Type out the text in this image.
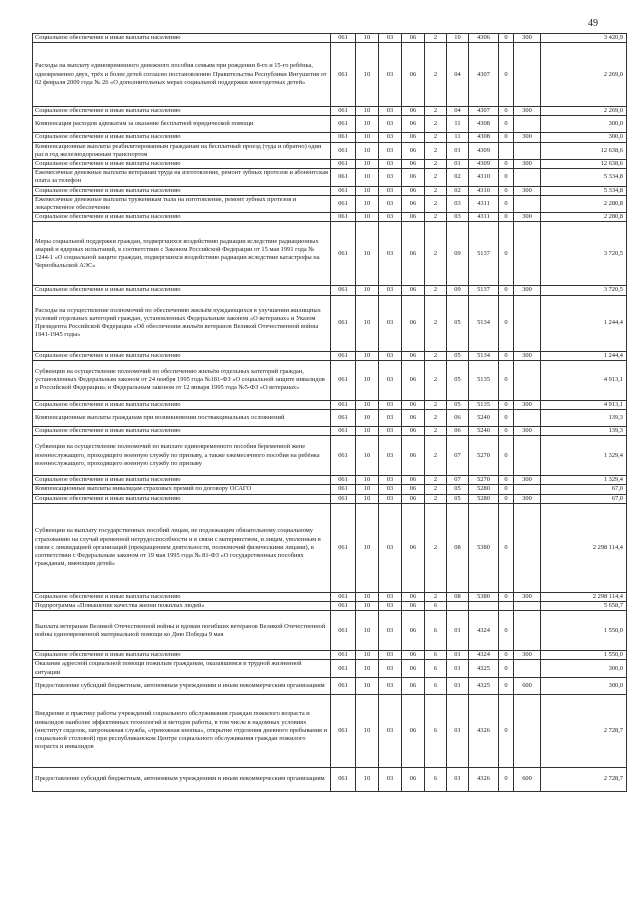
49
Социальное обеспечение и иные выплаты населению	061	10	03	06	2	10	4306	0	300	3 420,9
Расходы на выплату единовременного денежного пособия семьям при рождении 8-го и 15-го ребёнка, одновременно двух, трёх и более детей согласно постановлению Правительства Республики Ингушетия от 02 февраля 2009 года № 26 «О дополнительных мерах социальной поддержки многодетных детей»	061	10	03	06	2	04	4307	0		2 269,0
Социальное обеспечение и иные выплаты населению	061	10	03	06	2	04	4307	0	300	2 269,0
Компенсация расходов адвокатам за оказание бесплатной юридической помощи	061	10	03	06	2	11	4308	0		300,0
Социальное обеспечение и иные выплаты населению	061	10	03	06	2	11	4308	0	300	300,0
Компенсационные выплаты реабилитированным гражданам на бесплатный проезд (туда и обратно) один раз в год железнодорожным транспортом	061	10	03	06	2	01	4309			12 638,6
Социальное обеспечение и иные выплаты населению	061	10	03	06	2	01	4309	0	300	12 638,6
Ежемесячные денежные выплаты ветеранам труда на изготовление, ремонт зубных протезов и абонентская плата за телефон	061	10	03	06	2	02	4310	0		5 334,8
Социальное обеспечение и иные выплаты населению	061	10	03	06	2	02	4310	0	300	5 334,8
Ежемесячные денежные выплаты труженикам тыла на изготовление, ремонт зубных протезов и лекарственное обеспечение	061	10	03	06	2	03	4311	0		2 280,8
Социальное обеспечение и иные выплаты населению	061	10	03	06	2	03	4311	0	300	2 280,8
Меры социальной поддержки граждан, подвергшихся воздействию радиации вследствие радиационных аварий и ядерных испытаний, в соответствии с Законом Российской Федерации от 15 мая 1991 года № 1244-1 «О социальной защите граждан, подвергшихся воздействию радиации вследствие катастрофы на Чернобыльской АЭС»	061	10	03	06	2	09	5137	0		3 720,5
Социальное обеспечение и иные выплаты населению	061	10	03	06	2	09	5137	0	300	3 720,5
Расходы на осуществление полномочий по обеспечению жильём нуждающихся в улучшении жилищных условий отдельных категорий граждан, установленных Федеральным законом «О ветеранах» и Указом Президента Российской Федерации «Об обеспечении жильём ветеранов Великой Отечественной войны 1941-1945 годы»	061	10	03	06	2	05	5134	0		1 244,4
Социальное обеспечение и иные выплаты населению	061	10	03	06	2	05	5134	0	300	1 244,4
Субвенции на осуществление полномочий по обеспечению жильём отдельных категорий граждан, установленных Федеральным законом от 24 ноября 1995 года №181-ФЗ «О социальной защите инвалидов в Российской Федерации» и Федеральным законом от 12 января 1995 года №5-ФЗ «О ветеранах»	061	10	03	06	2	05	5135	0		4 913,1
Социальное обеспечение и иные выплаты населению	061	10	03	06	2	05	5135	0	300	4 913,1
Компенсационные выплаты гражданам при возникновении поствакцинальных осложнений	061	10	03	06	2	06	5240	0		139,3
Социальное обеспечение и иные выплаты населению	061	10	03	06	2	06	5240	0	300	139,3
Субвенции на осуществление полномочий по выплате единовременного пособия беременной жене военнослужащего, проходящего военную службу по призыву, а также ежемесячного пособия на ребёнка военнослужащего, проходящего военную службу по призыву	061	10	03	06	2	07	5270	0		1 329,4
Социальное обеспечение и иные выплаты населению	061	10	03	06	2	07	5270	0	300	1 329,4
Компенсационные выплаты инвалидам страховых премий по договору ОСАГО	061	10	03	06	2	05	5280	0		67,0
Социальное обеспечение и иные выплаты населению	061	10	03	06	2	05	5280	0	300	67,0
Субвенции на выплату государственных пособий лицам, не подлежащим обязательному социальному страхованию на случай временной нетрудоспособности и в связи с материнством, и лицам, уволенным в связи с ликвидацией организаций (прекращением деятельности, полномочий физическими лицами), в соответствии с Федеральным законом от 19 мая 1995 года № 81-ФЗ «О государственных пособиях гражданам, имеющим детей»	061	10	03	06	2	08	5380	0		2 298 114,4
Социальное обеспечение и иные выплаты населению	061	10	03	06	2	08	5380	0	300	2 298 114,4
Подпрограмма «Повышение качества жизни пожилых людей»	061	10	03	06	6					5 658,7
Выплата ветеранам Великой Отечественной войны и вдовам погибших ветеранов Великой Отечественной войны единовременной материальной помощи ко Дню Победы 9 мая	061	10	03	06	6	01	4324	0		1 550,0
Социальное обеспечение и иные выплаты населению	061	10	03	06	6	01	4324	0	300	1 550,0
Оказание адресной социальной помощи пожилым гражданам, оказавшимся в трудной жизненной ситуации	061	10	03	06	6	01	4325	0		300,0
Предоставление субсидий бюджетным, автономным учреждениям и иным некоммерческим организациям	061	10	03	06	6	01	4325	0	600	300,0
Внедрение в практику работы учреждений социального обслуживания граждан пожилого возраста и инвалидов наиболее эффективных технологий и методов работы, в том числе в надомных условиях (институт сиделок, патронажная служба, «тревожная кнопка», открытие отделения дневного пребывания и социальной столовой) при республиканском Центре социального обслуживания граждан пожилого возраста и инвалидов	061	10	03	06	6	01	4326	0		2 728,7
Предоставление субсидий бюджетным, автономным учреждениям и иным некоммерческим организациям	061	10	03	06	6	01	4326	0	600	2 728,7
